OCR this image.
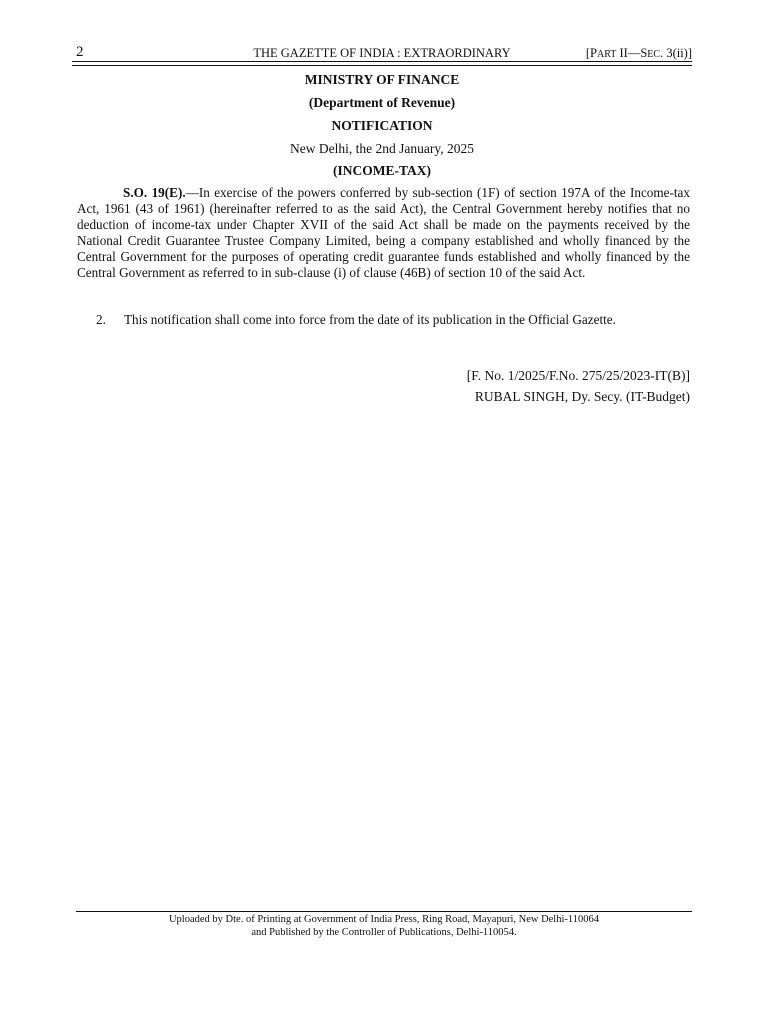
2	THE GAZETTE OF INDIA : EXTRAORDINARY	[PART II—SEC. 3(ii)]
MINISTRY OF FINANCE
(Department of Revenue)
NOTIFICATION
New Delhi, the 2nd January, 2025
(INCOME-TAX)
S.O. 19(E).—In exercise of the powers conferred by sub-section (1F) of section 197A of the Income-tax Act, 1961 (43 of 1961) (hereinafter referred to as the said Act), the Central Government hereby notifies that no deduction of income-tax under Chapter XVII of the said Act shall be made on the payments received by the National Credit Guarantee Trustee Company Limited, being a company established and wholly financed by the Central Government for the purposes of operating credit guarantee funds established and wholly financed by the Central Government as referred to in sub-clause (i) of clause (46B) of section 10 of the said Act.
2. This notification shall come into force from the date of its publication in the Official Gazette.
[F. No. 1/2025/F.No. 275/25/2023-IT(B)]
RUBAL SINGH, Dy. Secy. (IT-Budget)
Uploaded by Dte. of Printing at Government of India Press, Ring Road, Mayapuri, New Delhi-110064
and Published by the Controller of Publications, Delhi-110054.
